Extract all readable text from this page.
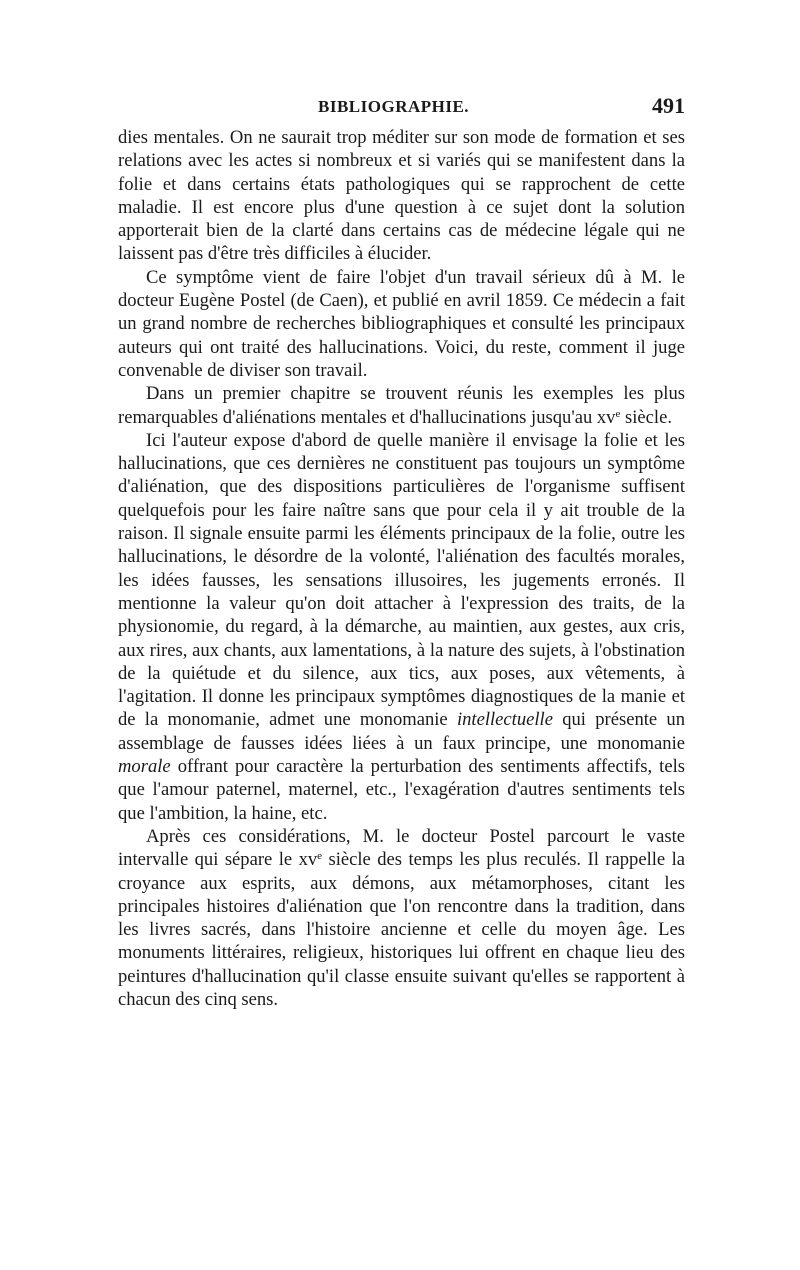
BIBLIOGRAPHIE.	491

dies mentales. On ne saurait trop méditer sur son mode de formation et ses relations avec les actes si nombreux et si variés qui se manifestent dans la folie et dans certains états pathologiques qui se rapprochent de cette maladie. Il est encore plus d'une question à ce sujet dont la solution apporterait bien de la clarté dans certains cas de médecine légale qui ne laissent pas d'être très difficiles à élucider.

Ce symptôme vient de faire l'objet d'un travail sérieux dû à M. le docteur Eugène Postel (de Caen), et publié en avril 1859. Ce médecin a fait un grand nombre de recherches bibliographiques et consulté les principaux auteurs qui ont traité des hallucinations. Voici, du reste, comment il juge convenable de diviser son travail.

Dans un premier chapitre se trouvent réunis les exemples les plus remarquables d'aliénations mentales et d'hallucinations jusqu'au $xv^e$ siècle.

Ici l'auteur expose d'abord de quelle manière il envisage la folie et les hallucinations, que ces dernières ne constituent pas toujours un symptôme d'aliénation, que des dispositions particulières de l'organisme suffisent quelquefois pour les faire naître sans que pour cela il y ait trouble de la raison. Il signale ensuite parmi les éléments principaux de la folie, outre les hallucinations, le désordre de la volonté, l'aliénation des facultés morales, les idées fausses, les sensations illusoires, les jugements erronés. Il mentionne la valeur qu'on doit attacher à l'expression des traits, de la physionomie, du regard, à la démarche, au maintien, aux gestes, aux cris, aux rires, aux chants, aux lamentations, à la nature des sujets, à l'obstination de la quiétude et du silence, aux tics, aux poses, aux vêtements, à l'agitation. Il donne les principaux symptômes diagnostiques de la manie et de la monomanie, admet une monomanie intellectuelle qui présente un assemblage de fausses idées liées à un faux principe, une monomanie morale offrant pour caractère la perturbation des sentiments affectifs, tels que l'amour paternel, maternel, etc., l'exagération d'autres sentiments tels que l'ambition, la haine, etc.

Après ces considérations, M. le docteur Postel parcourt le vaste intervalle qui sépare le $xv^e$ siècle des temps les plus reculés. Il rappelle la croyance aux esprits, aux démons, aux métamorphoses, citant les principales histoires d'aliénation que l'on rencontre dans la tradition, dans les livres sacrés, dans l'histoire ancienne et celle du moyen âge. Les monuments littéraires, religieux, historiques lui offrent en chaque lieu des peintures d'hallucination qu'il classe ensuite suivant qu'elles se rapportent à chacun des cinq sens.
